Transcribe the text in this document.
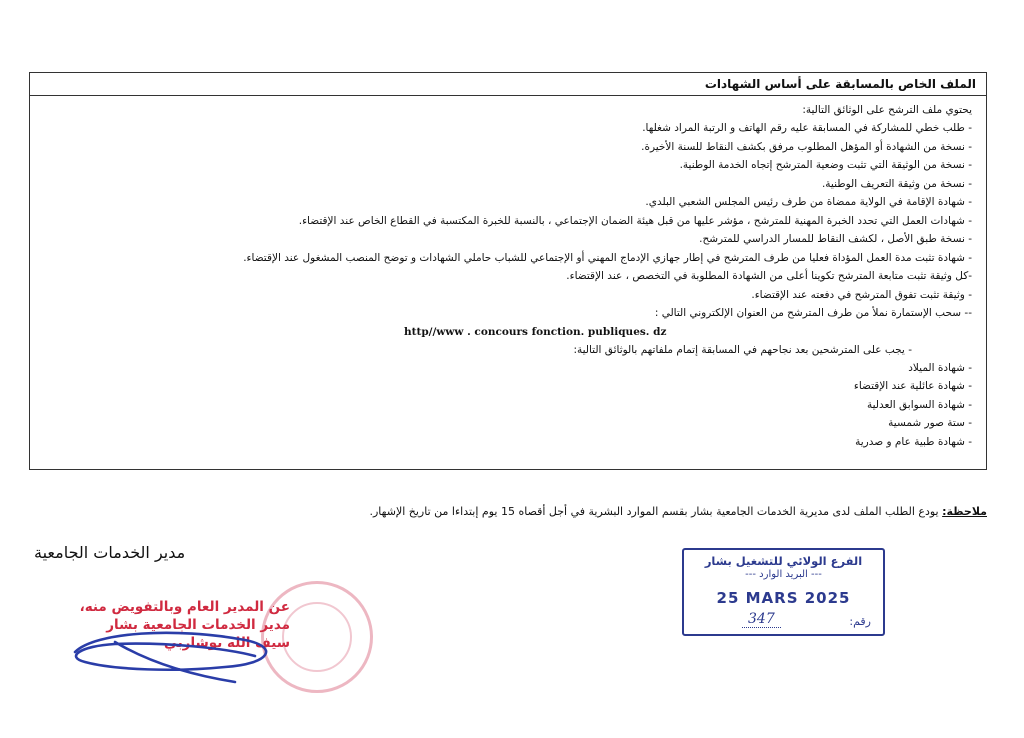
الملف الخاص بالمسابقة على أساس الشهادات
يحتوي ملف الترشح على الوثائق التالية:
- طلب خطي للمشاركة في المسابقة عليه رقم الهاتف و الرتبة المراد شغلها.
- نسخة من الشهادة أو المؤهل المطلوب مرفق بكشف النقاط للسنة الأخيرة.
- نسخة من الوثيقة التي تثبت وضعية المترشح إتجاه الخدمة الوطنية.
- نسخة من وثيقة التعريف الوطنية.
- شهادة الإقامة في الولاية ممضاة من طرف رئيس المجلس الشعبي البلدي.
- شهادات العمل التي تحدد الخبرة المهنية للمترشح ، مؤشر عليها من قبل هيئة الضمان الإجتماعي ، بالنسبة للخبرة المكتسبة في القطاع الخاص عند الإقتضاء.
- نسخة طبق الأصل ، لكشف النقاط للمسار الدراسي للمترشح.
- شهادة تثبت مدة العمل المؤداة فعليا من طرف المترشح في إطار جهازي الإدماج المهني أو الإجتماعي للشباب حاملي الشهادات و توضح المنصب المشغول عند الإقتضاء.
-كل وثيقة تثبت متابعة المترشح تكوينا أعلى من الشهادة المطلوبة في التخصص ، عند الإقتضاء.
- وثيقة تثبت تفوق المترشح في دفعته عند الإقتضاء.
-- سحب الإستمارة نملأ من طرف المترشح من العنوان الإلكتروني التالي :
http//www . concours fonction. publiques. dz
- يجب على المترشحين بعد نجاحهم في المسابقة إتمام ملفاتهم بالوثائق التالية:
- شهادة الميلاد
- شهادة عائلية عند الإقتضاء
- شهادة السوابق العدلية
- ستة صور شمسية
- شهادة طبية عام و صدرية
ملاحظة: يودع الطلب الملف لدى مديرية الخدمات الجامعية بشار بقسم الموارد البشرية في أجل أقصاه 15 يوم إبتداءا من تاريخ الإشهار.
مدير الخدمات الجامعية
عن المدير العام وبالتفويض منه،
مدير الخدمات الجامعية بشار
سيف الله بوشاربي
الفرع الولائي للتشغيل بشار
--- البريد الوارد ---
25 MARS 2025
رقم:
347
